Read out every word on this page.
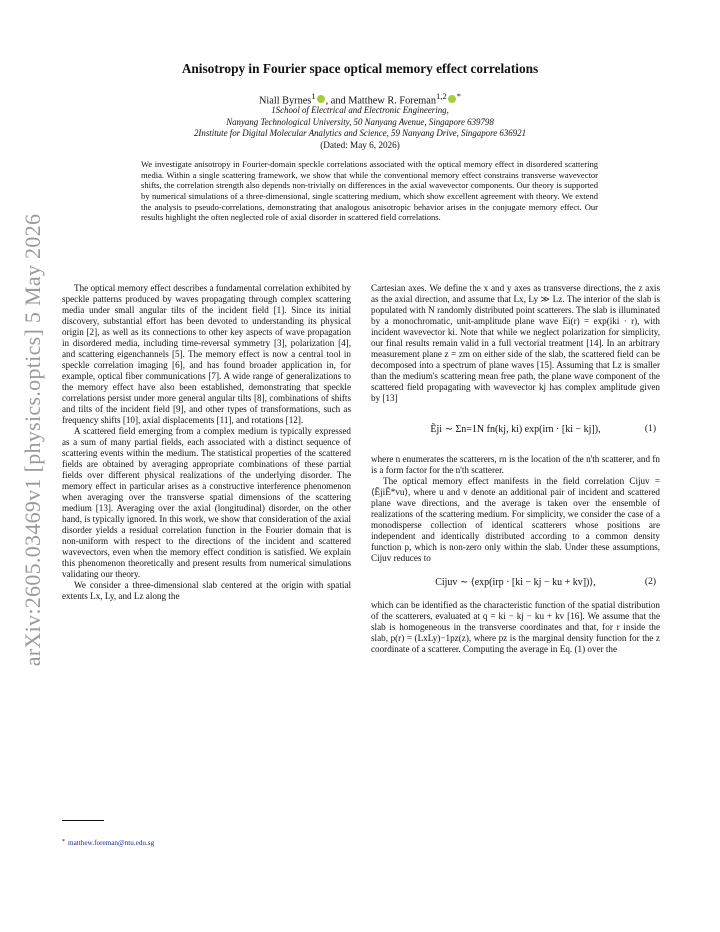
arXiv:2605.03469v1 [physics.optics] 5 May 2026
Anisotropy in Fourier space optical memory effect correlations
Niall Byrnes$^1$ , and Matthew R. Foreman$^{1,2}$ *
1School of Electrical and Electronic Engineering,
Nanyang Technological University, 50 Nanyang Avenue, Singapore 639798
2Institute for Digital Molecular Analytics and Science, 59 Nanyang Drive, Singapore 636921
(Dated: May 6, 2026)
We investigate anisotropy in Fourier-domain speckle correlations associated with the optical memory effect in disordered scattering media. Within a single scattering framework, we show that while the conventional memory effect constrains transverse wavevector shifts, the correlation strength also depends non-trivially on differences in the axial wavevector components. Our theory is supported by numerical simulations of a three-dimensional, single scattering medium, which show excellent agreement with theory. We extend the analysis to pseudo-correlations, demonstrating that analogous anisotropic behavior arises in the conjugate memory effect. Our results highlight the often neglected role of axial disorder in scattered field correlations.

The optical memory effect describes a fundamental correlation exhibited by speckle patterns produced by waves propagating through complex scattering media under small angular tilts of the incident field [1]. Since its initial discovery, substantial effort has been devoted to understanding its physical origin [2], as well as its connections to other key aspects of wave propagation in disordered media, including time-reversal symmetry [3], polarization [4], and scattering eigenchannels [5]. The memory effect is now a central tool in speckle correlation imaging [6], and has found broader application in, for example, optical fiber communications [7]. A wide range of generalizations to the memory effect have also been established, demonstrating that speckle correlations persist under more general angular tilts [8], combinations of shifts and tilts of the incident field [9], and other types of transformations, such as frequency shifts [10], axial displacements [11], and rotations [12].

A scattered field emerging from a complex medium is typically expressed as a sum of many partial fields, each associated with a distinct sequence of scattering events within the medium. The statistical properties of the scattered fields are obtained by averaging appropriate combinations of these partial fields over different physical realizations of the underlying disorder. The memory effect in particular arises as a constructive interference phenomenon when averaging over the transverse spatial dimensions of the scattering medium [13]. Averaging over the axial (longitudinal) disorder, on the other hand, is typically ignored. In this work, we show that consideration of the axial disorder yields a residual correlation function in the Fourier domain that is non-uniform with respect to the directions of the incident and scattered wavevectors, even when the memory effect condition is satisfied. We explain this phenomenon theoretically and present results from numerical simulations validating our theory.

We consider a three-dimensional slab centered at the origin with spatial extents Lx, Ly, and Lz along the

Cartesian axes. We define the x and y axes as transverse directions, the z axis as the axial direction, and assume that Lx, Ly ≫ Lz. The interior of the slab is populated with N randomly distributed point scatterers. The slab is illuminated by a monochromatic, unit-amplitude plane wave Ei(r) = exp(iki · r), with incident wavevector ki. Note that while we neglect polarization for simplicity, our final results remain valid in a full vectorial treatment [14]. In an arbitrary measurement plane z = zm on either side of the slab, the scattered field can be decomposed into a spectrum of plane waves [15]. Assuming that Lz is smaller than the medium's scattering mean free path, the plane wave component of the scattered field propagating with wavevector kj has complex amplitude given by [13]

Ẽji ∼ Σn=1N fn(kj, ki) exp(irn · [ki − kj]),	(1)

where n enumerates the scatterers, rn is the location of the n'th scatterer, and fn is a form factor for the n'th scatterer.

The optical memory effect manifests in the field correlation Cijuv = ⟨ẼjiẼ*vu⟩, where u and v denote an additional pair of incident and scattered plane wave directions, and the average is taken over the ensemble of realizations of the scattering medium. For simplicity, we consider the case of a monodisperse collection of identical scatterers whose positions are independent and identically distributed according to a common density function p, which is non-zero only within the slab. Under these assumptions, Cijuv reduces to

Cijuv ∼ ⟨exp(irp · [ki − kj − ku + kv])⟩,	(2)

which can be identified as the characteristic function of the spatial distribution of the scatterers, evaluated at q = ki − kj − ku + kv [16]. We assume that the slab is homogeneous in the transverse coordinates and that, for r inside the slab, p(r) = (LxLy)−1pz(z), where pz is the marginal density function for the z coordinate of a scatterer. Computing the average in Eq. (1) over the

* matthew.foreman@ntu.edu.sg
